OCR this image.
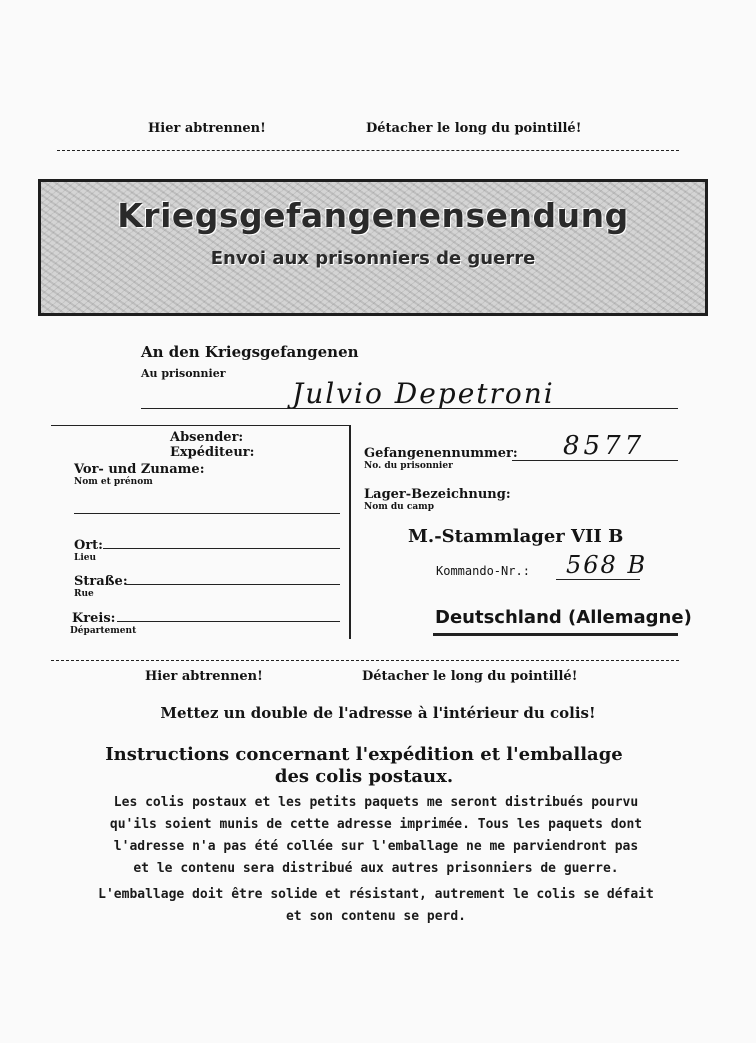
Hier abtrennen!	Détacher le long du pointillé!
Kriegsgefangenensendung
Envoi aux prisonniers de guerre
An den Kriegsgefangenen
Au prisonnier
Julvio Depetroni
Absender:
Expéditeur:
Vor- und Zuname:
Nom et prénom
Ort:
Lieu
Straße:
Rue
Kreis:
Département
Gefangenennummer:
No. du prisonnier
8577
Lager-Bezeichnung:
Nom du camp
M.-Stammlager VII B
Kommando-Nr.: 568 B
Deutschland (Allemagne)
Hier abtrennen!	Détacher le long du pointillé!
Mettez un double de l'adresse à l'intérieur du colis!
Instructions concernant l'expédition et l'emballage
des colis postaux.
Les colis postaux et les petits paquets me seront distribués pourvu
qu'ils soient munis de cette adresse imprimée. Tous les paquets dont
l'adresse n'a pas été collée sur l'emballage ne me parviendront pas
et le contenu sera distribué aux autres prisonniers de guerre.
L'emballage doit être solide et résistant, autrement le colis se défait
et son contenu se perd.
